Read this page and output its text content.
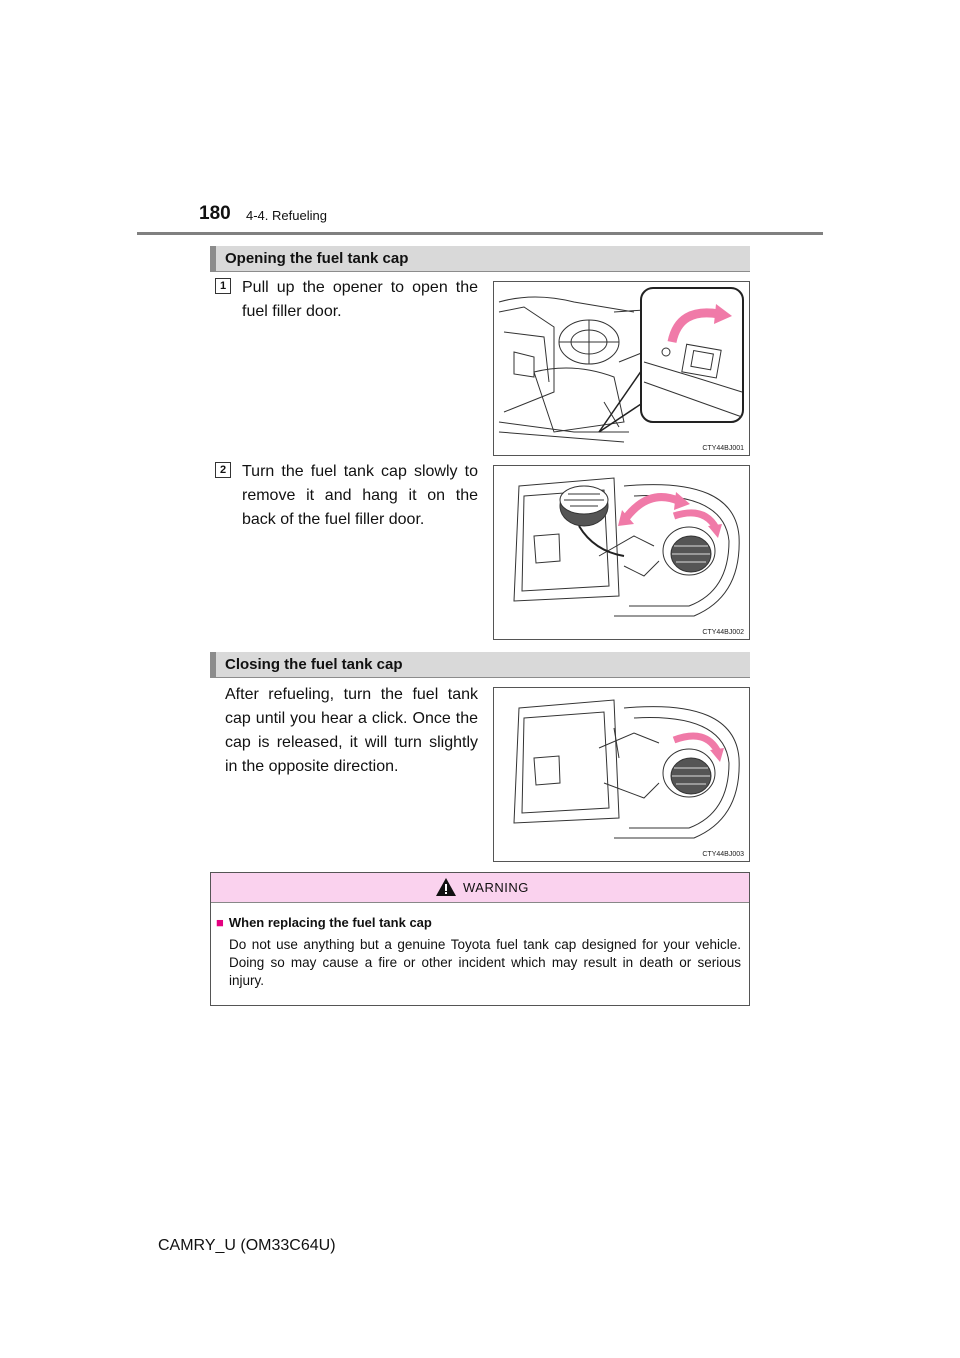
180 4-4. Refueling
Opening the fuel tank cap
1 Pull up the opener to open the fuel filler door.
CTY44BJ001
2 Turn the fuel tank cap slowly to remove it and hang it on the back of the fuel filler door.
CTY44BJ002
Closing the fuel tank cap
After refueling, turn the fuel tank cap until you hear a click. Once the cap is released, it will turn slightly in the opposite direction.
CTY44BJ003
WARNING
■ When replacing the fuel tank cap
Do not use anything but a genuine Toyota fuel tank cap designed for your vehicle. Doing so may cause a fire or other incident which may result in death or serious injury.
CAMRY_U (OM33C64U)
